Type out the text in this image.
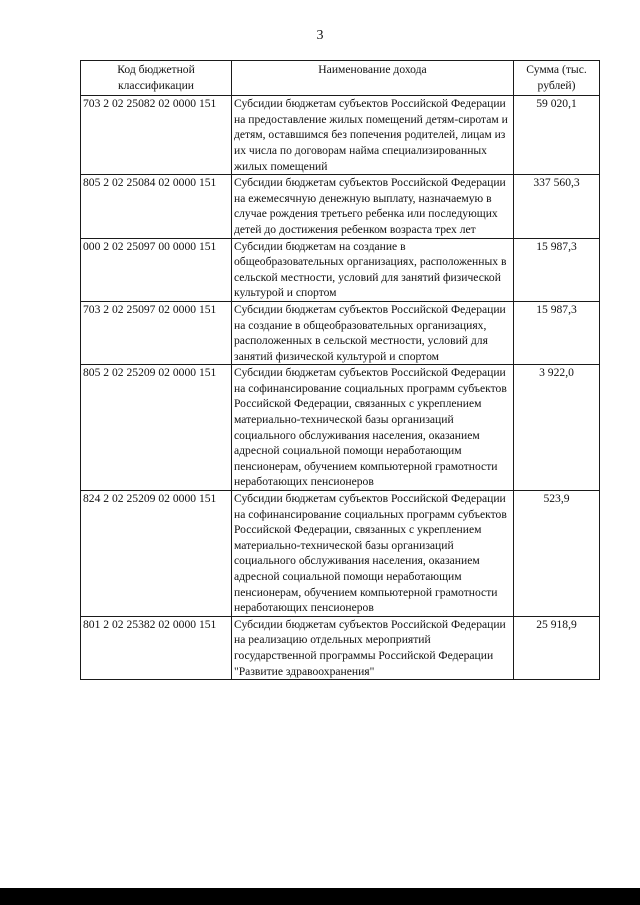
3
Код бюджетной классификации	Наименование дохода	Сумма (тыс. рублей)
703 2 02 25082 02 0000 151	Субсидии бюджетам субъектов Российской Федерации на предоставление жилых помещений детям-сиротам и детям, оставшимся без попечения родителей, лицам из их числа по договорам найма специализированных жилых помещений	59 020,1
805 2 02 25084 02 0000 151	Субсидии бюджетам субъектов Российской Федерации на ежемесячную денежную выплату, назначаемую в случае рождения третьего ребенка или последующих детей до достижения ребенком возраста трех лет	337 560,3
000 2 02 25097 00 0000 151	Субсидии бюджетам на создание в общеобразовательных организациях, расположенных в сельской местности, условий для занятий физической культурой и спортом	15 987,3
703 2 02 25097 02 0000 151	Субсидии бюджетам субъектов Российской Федерации на создание в общеобразовательных организациях, расположенных в сельской местности, условий для занятий физической культурой и спортом	15 987,3
805 2 02 25209 02 0000 151	Субсидии бюджетам субъектов Российской Федерации на софинансирование социальных программ субъектов Российской Федерации, связанных с укреплением материально-технической базы организаций социального обслуживания населения, оказанием адресной социальной помощи неработающим пенсионерам, обучением компьютерной грамотности неработающих пенсионеров	3 922,0
824 2 02 25209 02 0000 151	Субсидии бюджетам субъектов Российской Федерации на софинансирование социальных программ субъектов Российской Федерации, связанных с укреплением материально-технической базы организаций социального обслуживания населения, оказанием адресной социальной помощи неработающим пенсионерам, обучением компьютерной грамотности неработающих пенсионеров	523,9
801 2 02 25382 02 0000 151	Субсидии бюджетам субъектов Российской Федерации на реализацию отдельных мероприятий государственной программы Российской Федерации "Развитие здравоохранения"	25 918,9
